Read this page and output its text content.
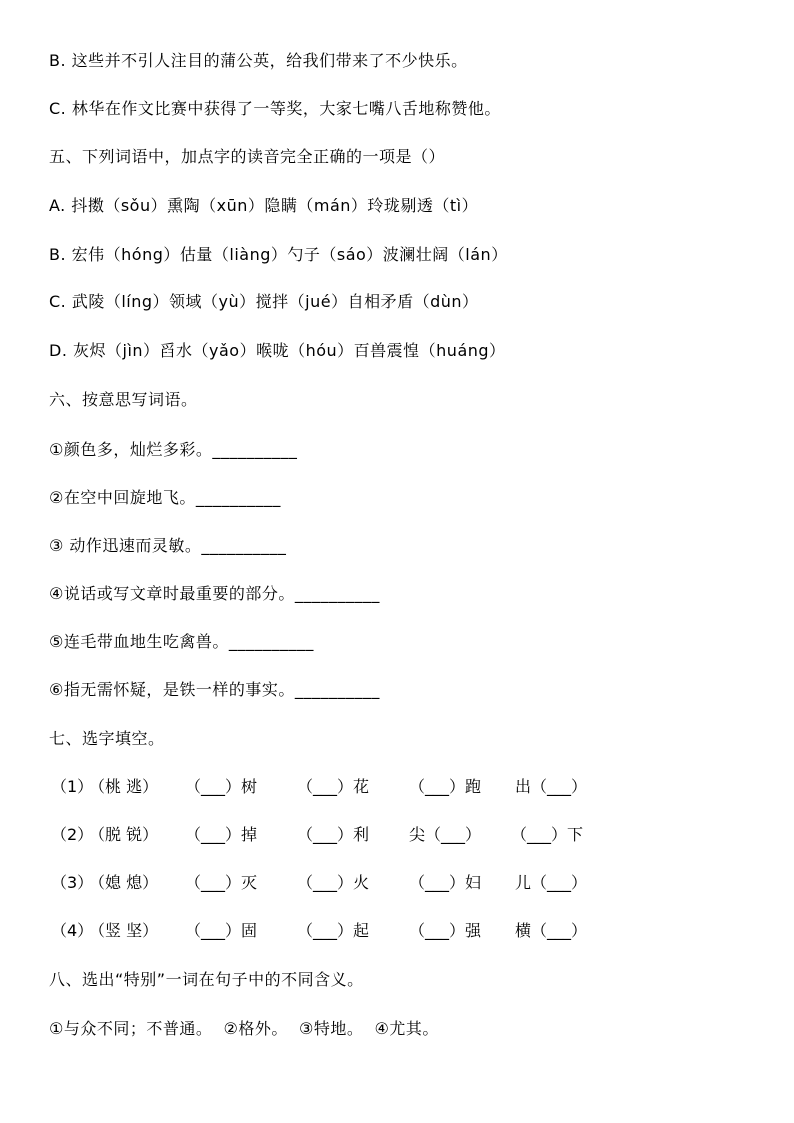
B. 这些并不引人注目的蒲公英，给我们带来了不少快乐。
C. 林华在作文比赛中获得了一等奖，大家七嘴八舌地称赞他。
五、下列词语中，加点字的读音完全正确的一项是（）
A. 抖擞（sǒu）熏陶（xūn）隐瞒（mán）玲珑剔透（tì）
B. 宏伟（hóng）估量（liàng）勺子（sáo）波澜壮阔（lán）
C. 武陵（líng）领域（yù）搅拌（jué）自相矛盾（dùn）
D. 灰烬（jìn）舀水（yǎo）喉咙（hóu）百兽震惶（huáng）
六、按意思写词语。
①颜色多，灿烂多彩。__________
②在空中回旋地飞。__________
③ 动作迅速而灵敏。__________
④说话或写文章时最重要的部分。__________
⑤连毛带血地生吃禽兽。__________
⑥指无需怀疑，是铁一样的事实。__________
七、选字填空。

（1）

（桃 逃）

（___）树

（___）花

（___）跑

出（___）

（2）

（脱 锐）

（___）掉

（___）利

尖（___）

（___）下

（3）

（媳 熄）

（___）灭

（___）火

（___）妇

儿（___）

（4）

（竖 坚）

（___）固

（___）起

（___）强

横（___）

八、选出“特别”一词在句子中的不同含义。
①与众不同；不普通。  ②格外。  ③特地。  ④尤其。
